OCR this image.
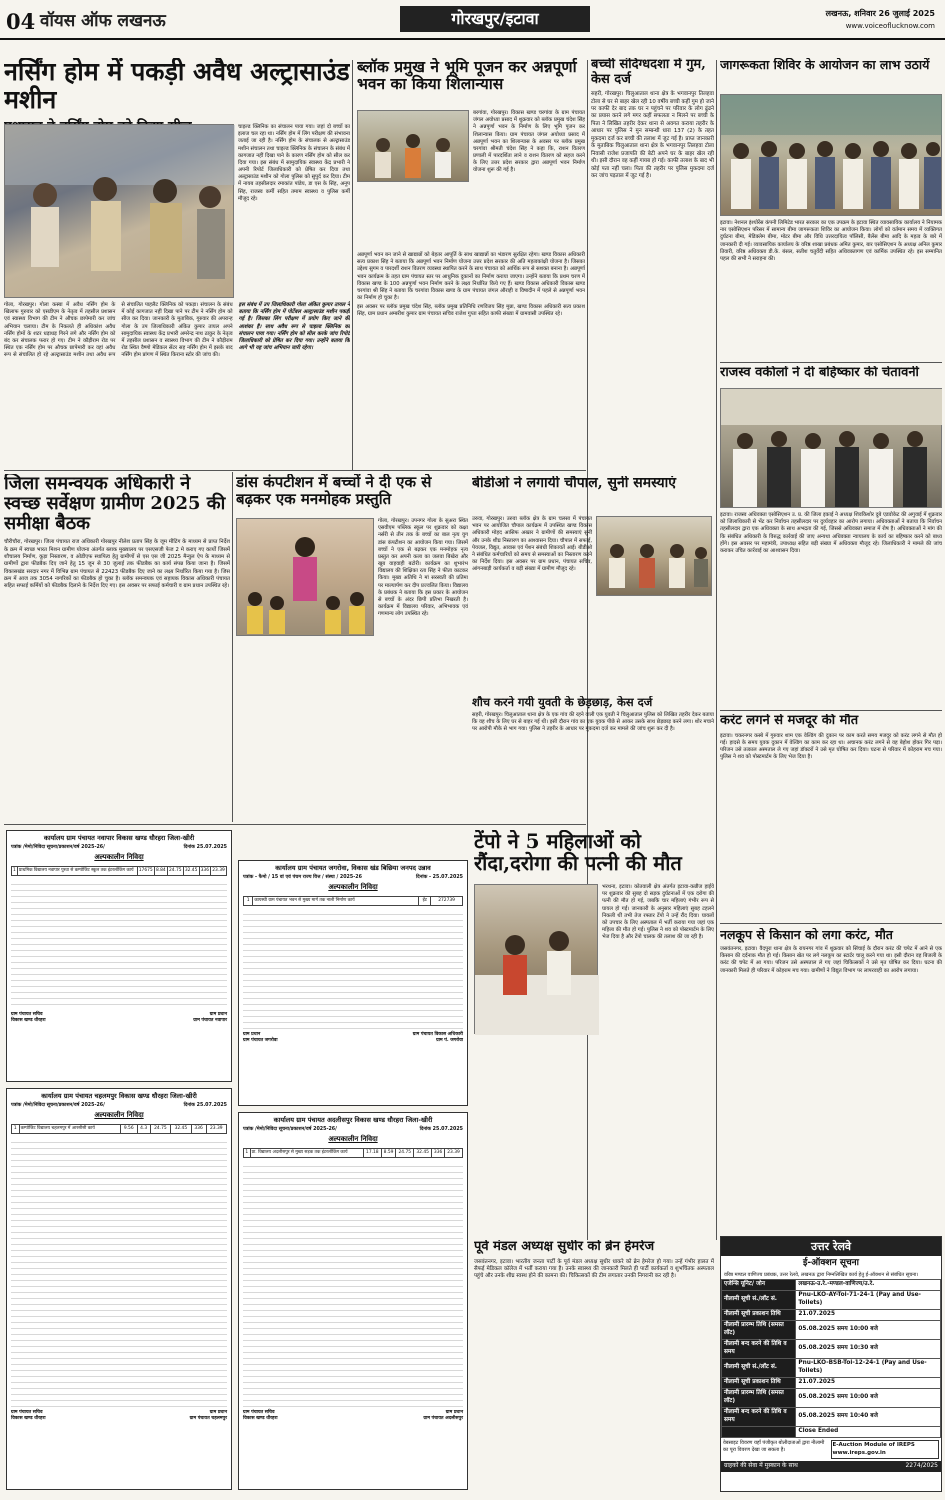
04 वॉयस ऑफ लखनऊ	गोरखपुर/इटावा	लखनऊ, शनिवार 26 जुलाई 2025
www.voiceoflucknow.com
नर्सिंग होम में पकड़ी अवैध अल्ट्रासाउंड मशीन

चाइल्ड क्लिनिक का संचालन पाया गया। जहां दो बच्चों का इलाज चल रहा था। नर्सिंग होम में लिंग परीक्षण की संभावना जताई जा रही है। नर्सिंग होम के संचालक से अल्ट्रासाउंड मशीन संचालन तथा चाइल्ड क्लिनिक के संचालन के संबंध में कागजात नहीं दिखा पाने के कारण नर्सिंग होम को सील कर दिया गया। इस संबंध में सामुदायिक स्वास्थ्य केंद्र प्रभारी ने अपनी रिपोर्ट जिलाधिकारी को प्रेषित कर दिया तथा अल्ट्रासाउंड मशीन को गोला पुलिस को सुपुर्द कर दिया। टीम में नायब तहसीलदार रमाकांत पांडेय, डा एस के सिंह, अनूप सिंह, राजस्व कर्मी सहित तमाम स्वास्थ्य व पुलिस कर्मी मौजूद रहे।

गोला, गोरखपुर। गोला कस्बा में अवैध नर्सिंग होम के खिलाफ गुरुवार को एसडीएम के नेतृत्व में तहसील प्रशासन एवं स्वास्थ्य विभाग की टीम ने औचक छापेमारी कर जांच अभियान चलाया। टीम के निकलते ही अधिकांश अवैध नर्सिंग होमों के शटर धड़ाधड़ गिरने लगे और नर्सिंग होम को बंद कर संचालक फरार हो गए। टीम ने कौड़ीराम रोड पर स्थित एक नर्सिंग होम पर औचक छापेमारी कर वहां अवैध रूप से संचालित हो रहे अल्ट्रासाउंड मशीन तथा अवैध रूप से संचालित पाहलैट क्लिनिक को पकड़ा। संचालन के संबंध में कोई कागजात नहीं दिखा पाने पर टीम ने नर्सिंग होम को सीज कर दिया। जानकारी के मुताबिक, गुरुवार की अपरान्ह गोला के उप जिलाधिकारी अंकित कुमार तायल अपने सामुदायिक स्वास्थ्य केंद्र प्रभारी अमरेन्द्र नाथ ठाकुर के नेतृत्व में तहसील प्रशासन व स्वास्थ्य विभाग की टीम ने कौड़ीराम रोड स्थित वैष्णो मेडिकल सेंटर सह नर्सिंग होम में इसके बाद नर्सिंग होम प्रांगण में स्थित किराना स्टोर की जांच की।

इस संबंध में उप जिलाधिकारी गोला अंकित कुमार तायल ने बताया कि नर्सिंग होम में पोर्टेबल अल्ट्रासाउंड मशीन पकड़ी गई है। जिसका लिंग परीक्षण में प्रयोग किए जाने की आशंका है। साथ अवैध रूप से चाइल्ड क्लिनिक का संचालन पाया गया। नर्सिंग होम को सील करके जांच रिपोर्ट जिलाधिकारी को प्रेषित कर दिया गया। उन्होंने बताया कि आगे भी यह जांच अभियान जारी रहेगा।

ब्लॉक प्रमुख ने भूमि पूजन कर अन्नपूर्णा भवन का किया शिलान्यास

बरगांवा, गोरखपुर। विकास खण्ड चरगांवा के ग्राम पंचायत जंगल अयोध्या प्रसाद में शुक्रवार को ब्लॉक प्रमुख चंदेश सिंह ने अन्नपूर्णा भवन के निर्माण के लिए भूमि पूजन कर शिलान्यास किया। ग्राम पंचायत जंगल अयोध्या प्रसाद में अन्नपूर्णा भवन का शिलान्यास के अवसर पर ब्लॉक प्रमुख चरगांवा श्रीमती चंदेश सिंह ने कहा कि, राशन वितरण प्रणाली में पारदर्शिता लाने व राशन वितरण को सहज करने के लिए उत्तर प्रदेश सरकार द्वारा अन्नपूर्णा भवन निर्माण योजना शुरू की गई है।

अन्नपूर्णा भवन बन जाने से खाद्यान्नों को बेहतर आपूर्ति के साथ खाद्यान्नों का भंडारण सुरक्षित रहेगा। खण्ड विकास अधिकारी सत्य प्रकाश सिंह ने बताया कि अन्नपूर्णा भवन निर्माण योजना उत्तर प्रदेश सरकार की अति महत्वकांक्षी योजना है। जिसका उद्देश्य सुगम व पारदर्शी राशन वितरण व्यवस्था स्थापित करने के साथ पंचायत को आर्थिक रूप से सशक्त बनाना है। अन्नपूर्णा भवन कार्यक्रम के तहत ग्राम पंचायत स्तर पर आधुनिक दुकानों का निर्माण कराया जाएगा। उन्होंने बताया कि प्रथम चरण में विकास खण्ड के 100 अन्नपूर्णा भवन निर्माण करने के लक्ष्य निर्धारित किये गए हैं। खण्ड विकास अधिकारी विकास खण्ड चरगांवा श्री सिंह ने बताया कि चरगांवा विकास खण्ड के ग्राम पंचायत जंगल औराही व विषादीन में पहले से अन्नपूर्णा भवन का निर्माण हो चुका है।

इस अवसर पर ब्लॉक प्रमुख चंदेश सिंह, ब्लॉक प्रमुख प्रतिनिधि रणविजय सिंह मुन्ना, खण्ड विकास अधिकारी सत्य प्रकाश सिंह, ग्राम प्रधान अम्बरीश कुमार ग्राम पंचायत सचिव राजेश गुप्ता सहित काफी संख्या में ग्रामवासी उपस्थित रहे।

बच्ची संदिग्धदशा में गुम, केस दर्ज

सहरी, गोरखपुर। चिलुआताल थाना क्षेत्र के भगवानपुर तिलहवा टोला से घर से बाहर खेल रही 10 वर्षीय बच्ची कहीं गुम हो जाने पर काफी देर बाद तक घर न पहुंचने पर परिवार के लोग ढूंढने का प्रयास करने लगे मगर कहीं सफलता न मिलने पर बच्ची के पिता ने लिखित तहरीर देकर थाना से अवगत कराया तहरीर के आधार पर पुलिस ने मुन सम्बन्धी धारा 137 (2) के तहत मुकदमा दर्ज कर बच्ची की तलाश में जुट गई है। प्राप्त जानकारी के मुताबिक चिलुआताल थाना क्षेत्र के भगवानपुर तिलहवा टोला निवासी राजेश प्रजापति की बेटी अपने घर के बाहर खेल रही थी। इसी दौरान वह कहीं गायब हो गई। काफी तलाश के बाद भी कोई पता नहीं चला। पिता की तहरीर पर पुलिस मुकदमा दर्ज कर जांच पड़ताल में जुट गई है।

बीडीओ ने लगायी चौपाल, सुनी समस्याएं

उरुवा, गोरखपुर। उरुवा ब्लॉक क्षेत्र के ग्राम चलसा में पंचायत भवन पर आयोजित चौपाल कार्यक्रम में उपस्थित खण्ड विकास अधिकारी मोहद आसिफ अख्तर ने ग्रामीणों की समस्याएं सुनीं और उनके शीघ्र निस्तारण का आश्वासन दिया। चौपाल में सफाई, पेयजल, विद्युत, आवास एवं पेंशन संबंधी शिकायतें आईं। बीडीओ ने संबंधित कर्मचारियों को समय से समस्याओं का निस्तारण करने का निर्देश दिया। इस अवसर पर ग्राम प्रधान, पंचायत सचिव, आंगनबाड़ी कार्यकर्ता व बड़ी संख्या में ग्रामीण मौजूद रहे।

जागरूकता शिविर के आयोजन का लाभ उठायें

इटावा। नेशनल इंश्योरेंस कंपनी लिमिटेड भारत सरकार का एक उपक्रम के इटावा स्थित व्यावसायिक कार्यालय ने नियामक नार एसोसिएशन परिसर में सामान्य बीमा जागरूकता शिविर का आयोजन किया। लोगों को वर्तमान समय में व्यक्तिगत दुर्घटना बीमा, मेडिक्लेम बीमा, मोटर बीमा और विधि उत्तरदायित्व पॉलिसी, बैलेंस बीमा आदि के महत्व के बारे में जानकारी दी गई। व्यावसायिक कार्यालय के वरिष्ठ शाखा प्रबंधक अमित कुमार, बार एसोसिएशन के अध्यक्ष अनिल कुमार तिवारी, वरिष्ठ अधिवक्ता डी.के. बंसल, सतीश चतुर्वेदी सहित अधिवक्तागण एवं कार्मिक उपस्थित रहे। इस सम्मानित पहल की सभी ने सराहना की।

राजस्व वकीलों ने दी बहिष्कार की चेतावनी

इटावा। राजस्व अधिवक्ता एसोसिएशन उ. प्र. की जिला इकाई ने अध्यक्ष शिवकिशोर दुबे एडवोकेट की अगुवाई में शुक्रवार को जिलाधिकारी से भेंट कर निर्वाचन तहसीलदार पर दुर्व्यवहार का आरोप लगाया। अधिवक्ताओं ने बताया कि निर्वाचन तहसीलदार द्वारा एक अधिवक्ता के साथ अभद्रता की गई, जिससे अधिवक्ता समाज में रोष है। अधिवक्ताओं ने मांग की कि संबंधित अधिकारी के विरुद्ध कार्रवाई की जाए अन्यथा अधिवक्ता न्यायालय के कार्य का बहिष्कार करने को बाध्य होंगे। इस अवसर पर महामंत्री, उपाध्यक्ष सहित बड़ी संख्या में अधिवक्ता मौजूद रहे। जिलाधिकारी ने मामले की जांच कराकर उचित कार्रवाई का आश्वासन दिया।

करंट लगने से मजदूर की मौत

इटावा। चकरनगर कस्बे में गुरुवार शाम एक वेल्डिंग की दुकान पर काम करते समय मजदूर को करंट लगने से मौत हो गई। हादसे के समय युवक दुकान में वेल्डिंग का काम कर रहा था। अचानक करंट लगने से वह बेहोश होकर गिर पड़ा। परिजन उसे तत्काल अस्पताल ले गए जहां डॉक्टरों ने उसे मृत घोषित कर दिया। घटना से परिवार में कोहराम मच गया। पुलिस ने शव को पोस्टमार्टम के लिए भेज दिया है।

नलकूप से किसान को लगा करंट, मौत

जसवंतनगर, इटावा। वैदपुरा थाना क्षेत्र के रायनगर गांव में शुक्रवार को सिंचाई के दौरान करंट की चपेट में आने से एक किसान की दर्दनाक मौत हो गई। किसान खेत पर लगे नलकूप का स्टार्टर चालू करने गया था। इसी दौरान वह बिजली के करंट की चपेट में आ गया। परिजन उसे अस्पताल ले गए जहां चिकित्सकों ने उसे मृत घोषित कर दिया। घटना की जानकारी मिलते ही परिवार में कोहराम मच गया। ग्रामीणों ने विद्युत विभाग पर लापरवाही का आरोप लगाया।

जिला समन्वयक अधिकारी ने स्वच्छ सर्वेक्षण ग्रामीण 2025 की समीक्षा बैठक

चौरीचौरा, गोरखपुर। जिला पंचायत राज अधिकारी गोरखपुर नीलेश प्रताप सिंह के जूम मीटिंग के माध्यम से प्राप्त निर्देश के क्रम में स्वच्छ भारत मिशन ग्रामीण योजना अंतर्गत ब्लाक मुख्यालय पर एसएसजी फेज 2 मे कराए गए कार्यों जिसमें शौचालय निर्माण, कूड़ा निस्तारण, व ओडीएफ स्थापित्व हेतु ग्रामीणों से एस एस जी 2025 मैन्युल ऐप के माध्यम से ग्रामीणों द्वारा फीडबैक दिए जाने हेतु 15 जून से 30 जुलाई तक फीडबैक का कार्य संपन्न किया जाना है। जिसमें विकासखंड सरदार नगर में विभिन्न ग्राम पंचायत से 22423 फीडबैक दिए जाने का लक्ष्य निर्धारित किया गया है। जिस क्रम में आज तक 3054 नागरिकों का फीडबैक हो चुका है। ब्लॉक समन्वयक एवं सहायक विकास अधिकारी पंचायत सहित सफाई कर्मियों को फीडबैक दिलाने के निर्देश दिए गए। इस अवसर पर सफाई कर्मचारी व ग्राम प्रधान उपस्थित रहे।

डांस कंपटीशन में बच्चों ने दी एक से बढ़कर एक मनमोहक प्रस्तुति

गोला, गोरखपुर। उपनगर गोला के सुअरा स्थित एसवीएम पब्लिक स्कूल पर शुक्रवार को कक्षा नर्सरी से तीन तक के बच्चों का बाल नृत्य युग डांस कंपटीशन का आयोजन किया गया। जिसमें बच्चों ने एक से बढ़कर एक मनमोहक नृत्य प्रस्तुत कर अपनी कला का जलवा बिखेरा और खूब वाहवाही बटोरी। कार्यक्रम का शुभारंभ विद्यालय की शिक्षिका रता सिंह ने फीता काटकर किया। मुख्य अतिथि ने मां सरस्वती की प्रतिमा पर माल्यार्पण कर दीप प्रज्वलित किया। विद्यालय के प्रबंधक ने बताया कि इस प्रकार के आयोजन से बच्चों के अंदर छिपी प्रतिभा निखरती है। कार्यक्रम में विद्यालय परिवार, अभिभावक एवं गणमान्य लोग उपस्थित रहे।

शौच करने गयी युवती के छेड़छाड़, केस दर्ज

सहरी, गोरखपुर। चिलुआताल थाना क्षेत्र के एक गांव की रहने वाली एक युवती ने चिलुआताल पुलिस को लिखित तहरीर देकर बताया कि वह शौच के लिए घर से बाहर गई थी। इसी दौरान गांव का एक युवक पीछे से आकर उसके साथ छेड़छाड़ करने लगा। शोर मचाने पर आरोपी मौके से भाग गया। पुलिस ने तहरीर के आधार पर मुकदमा दर्ज कर मामले की जांच शुरू कर दी है।

कार्यालय ग्राम पंचायत नवापार विकास खण्ड धौरहरा जिला-खीरी
पत्रांक /मेमो/निविदा सूचना/प्रकाशन/वर्ष 2025-26/	दिनांक 25.07.2025
अल्पकालीन निविदा
1	प्राथमिक विद्यालय नवापार पुरवा से कम्पोजिट स्कूल तक इंटरलॉकिंग कार्य	17675	8.84	24.75	32.45	336	23.39
ग्राम पंचायत सचिव
विकास खण्ड धौरहरा
ग्राम प्रधान
ग्राम पंचायत नवापार
कार्यालय ग्राम पंचायत जगरोवा, विकास खंड बिछिया जनपद उन्नाव
पत्रांक - फैमो / 15 वां एवं पंचम राज्य वित्त / संस्था / 2025-26	दिनांक - 25.07.2025
अल्पकालीन निविदा
1	कायस्थी ग्राम पंचायत भवन से मुख्य मार्ग तक नाली निर्माण कार्य	ईंट	272739
ग्राम प्रधान
ग्राम पंचायत जगरोवा
ग्राम पंचायत विकास अधिकारी
ग्राम पं. जगरोवा
कार्यालय ग्राम पंचायत चहलमपुर विकास खण्ड धौरहरा जिला-खीरी
पत्रांक /मेमो/निविदा सूचना/प्रकाशन/वर्ष 2025-26/	दिनांक 25.07.2025
अल्पकालीन निविदा
1	कम्पोजिट विद्यालय चहलमपुर में आरसीसी कार्य	9.56	4.3	24.75	32.45	336	23.39
ग्राम पंचायत सचिव
विकास खण्ड धौरहरा
ग्राम प्रधान
ग्राम पंचायत चहलमपुर
कार्यालय ग्राम पंचायत अदलीसपुर विकास खण्ड धौरहरा जिला-खीरी
पत्रांक /मेमो/निविदा सूचना/प्रकाशन/वर्ष 2025-26/	दिनांक 25.07.2025
अल्पकालीन निविदा
1	प्रा. विद्यालय अदलीसपुर से मुख्य सड़क तक इंटरलॉकिंग कार्य	17.18	8.59	24.75	32.45	336	23.39
ग्राम पंचायत सचिव
विकास खण्ड धौरहरा
ग्राम प्रधान
ग्राम पंचायत अदलीसपुर
टेंपो ने 5 महिलाओं को रौंदा,दरोगा की पत्नी की मौत

भरथना, इटावा। कोतवाली क्षेत्र अंतर्गत इटावा-कन्नौज हाईवे पर शुक्रवार की सुबह दो सड़क दुर्घटनाओं में एक दरोगा की पत्नी की मौत हो गई, जबकि चार महिलाएं गंभीर रूप से घायल हो गईं। जानकारी के अनुसार महिलाएं सुबह टहलने निकली थीं तभी तेज रफ्तार टेंपो ने उन्हें रौंद दिया। घायलों को उपचार के लिए अस्पताल में भर्ती कराया गया जहां एक महिला की मौत हो गई। पुलिस ने शव को पोस्टमार्टम के लिए भेज दिया है और टेंपो चालक की तलाश की जा रही है।

पूर्व मंडल अध्यक्ष सुधीर को ब्रेन हेमरेज

जसवंतनगर, इटावा। भारतीय जनता पार्टी के पूर्व मंडल अध्यक्ष सुधीर धाकरे को ब्रेन हेमरेज हो गया। उन्हें गंभीर हालत में सैफई मेडिकल कॉलेज में भर्ती कराया गया है। उनके स्वास्थ्य की जानकारी मिलते ही पार्टी कार्यकर्ता व शुभचिंतक अस्पताल पहुंचे और उनके शीघ्र स्वस्थ होने की कामना की। चिकित्सकों की टीम लगातार उनकी निगरानी कर रही है।

उत्तर रेलवे
ई-ऑक्शन सूचना
वरिष्ठ मण्डल वाणिज्य प्रबंधक, उत्तर रेलवे, लखनऊ द्वारा निम्नलिखित कार्य हेतु ई-ऑक्शन से संबंधित सूचना।
एजेन्सि यूनिट/ जोन	लखनऊ-उ.रे.-मण्डल-वाणिज्य/उ.रे.
नीलामी सूची सं./लॉट सं.	Pnu-LKO-AY-Toi-71-24-1 (Pay and Use-Toilets)
नीलामी सूची प्रकाशन तिथि	21.07.2025
नीलामी प्रारम्भ तिथि (समस्त लॉट)	05.08.2025 समय 10:00 बजे
नीलामी बन्द करने की तिथि व समय	05.08.2025 समय 10:30 बजे
नीलामी सूची सं./लॉट सं.	Pnu-LKO-BSB-Toi-12-24-1 (Pay and Use-Toilets)
नीलामी सूची प्रकाशन तिथि	21.07.2025
नीलामी प्रारम्भ तिथि (समस्त लॉट)	05.08.2025 समय 10:00 बजे
नीलामी बन्द करने की तिथि व समय	05.08.2025 समय 10:40 बजे
	Close Ended
वेबसाइट विवरण यहाँ पंजीकृत बोलीदाताओं द्वारा नीलामी का पूरा विवरण देखा जा सकता है।
E-Auction Module of IREPS www.ireps.gov.in
ग्राहकों की सेवा में मुस्कान के साथ	2274/2025
